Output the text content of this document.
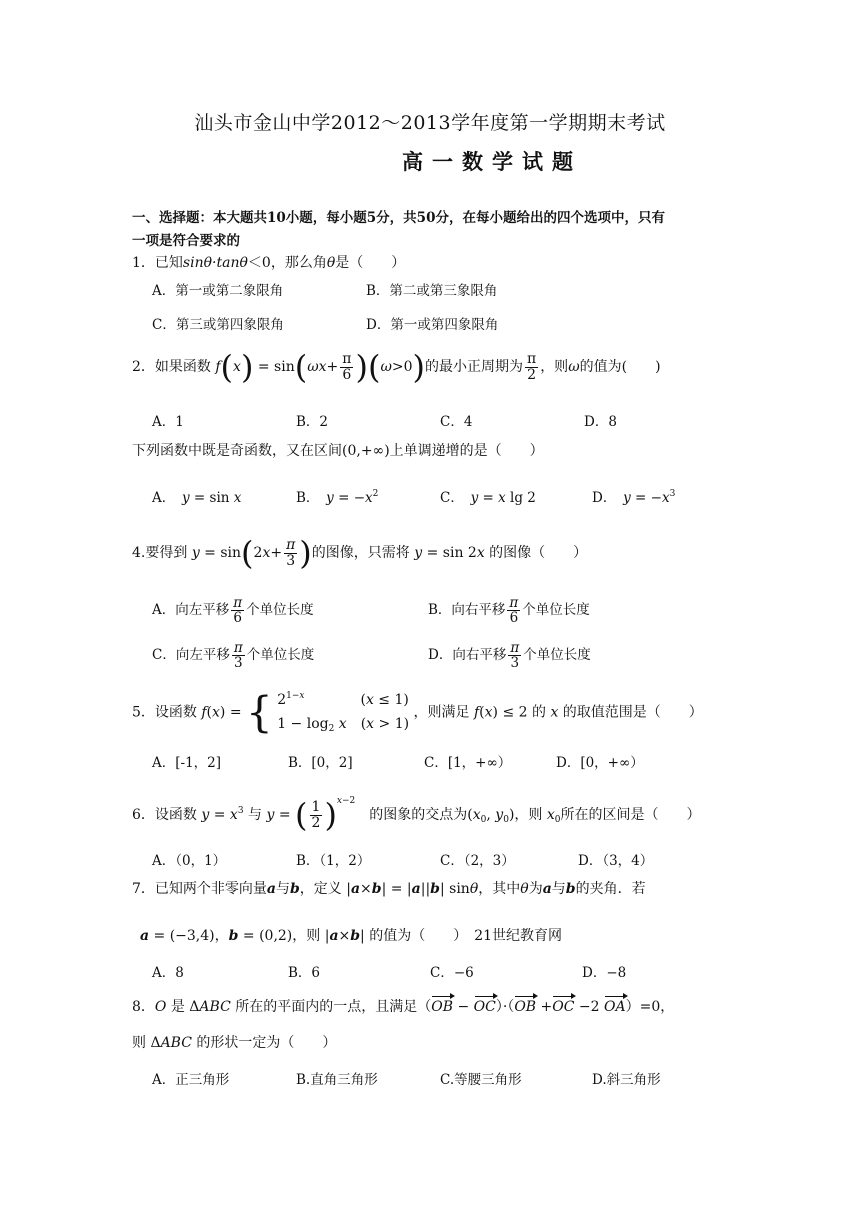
汕头市金山中学2012～2013学年度第一学期期末考试
高一数学试题
一、选择题：本大题共10小题，每小题5分，共50分，在每小题给出的四个选项中，只有
一项是符合要求的
1．已知sinθ·tanθ＜0，那么角θ是（　　）
A．第一或第二象限角	B．第二或第三象限角
C．第三或第四象限角	D．第一或第四象限角
2．如果函数 $f(x) = \sin(\omega x+ \frac{\pi}{6} )(\omega>0)$的最小正周期为 $\frac{\pi}{2}$ ，则ω的值为(　　)
A．1	B．2	C．4	D．8
下列函数中既是奇函数，又在区间(0,+∞)上单调递增的是（　　）
A．　y = sin x	B．　$y = -x^2$	C．　y = x lg 2	D．　$y = -x^3$
4.要得到 $y = \sin(2x+ \frac{\pi}{3}$ )的图像，只需将 y = sin 2x 的图像（　　）
A．向左平移 $\frac{\pi}{6}$ 个单位长度	B．向右平移 $\frac{\pi}{6}$ 个单位长度
C．向左平移 $\frac{\pi}{3}$ 个单位长度	D．向右平移 $\frac{\pi}{3}$ 个单位长度
5．设函数 f(x) = { $2^{1-x}$　　　　(x ≤ 1)
$1 - \log_2 x$　(x > 1)
，则满足 f(x) ≤ 2 的 x 的取值范围是（　　）
A．[-1，2]	B．[0，2]	C．[1，+∞）	D．[0，+∞）
6．设函数 $y = x^3$ 与 y = ( $\frac{1}{2} )^{x-2}$　的图象的交点为($x_0$, $y_0$)，则 $x_0$所在的区间是（　　）
A．（0，1）	B．（1，2）	C．（2，3）	D．（3，4）
7．已知两个非零向量a与b，定义 |a×b| = |a||b| sinθ，其中θ为a与b的夹角．若
a = (−3,4)，b = (0,2)，则 |a×b| 的值为（　　）　21世纪教育网
A．8	B．6	C．−6	D．−8
8．O 是 ΔABC 所在的平面内的一点，且满足（OB − OC）·（OB +OC −2 OA）=0，
则 ΔABC 的形状一定为（　　）
A．正三角形	B.直角三角形	C.等腰三角形	D.斜三角形
